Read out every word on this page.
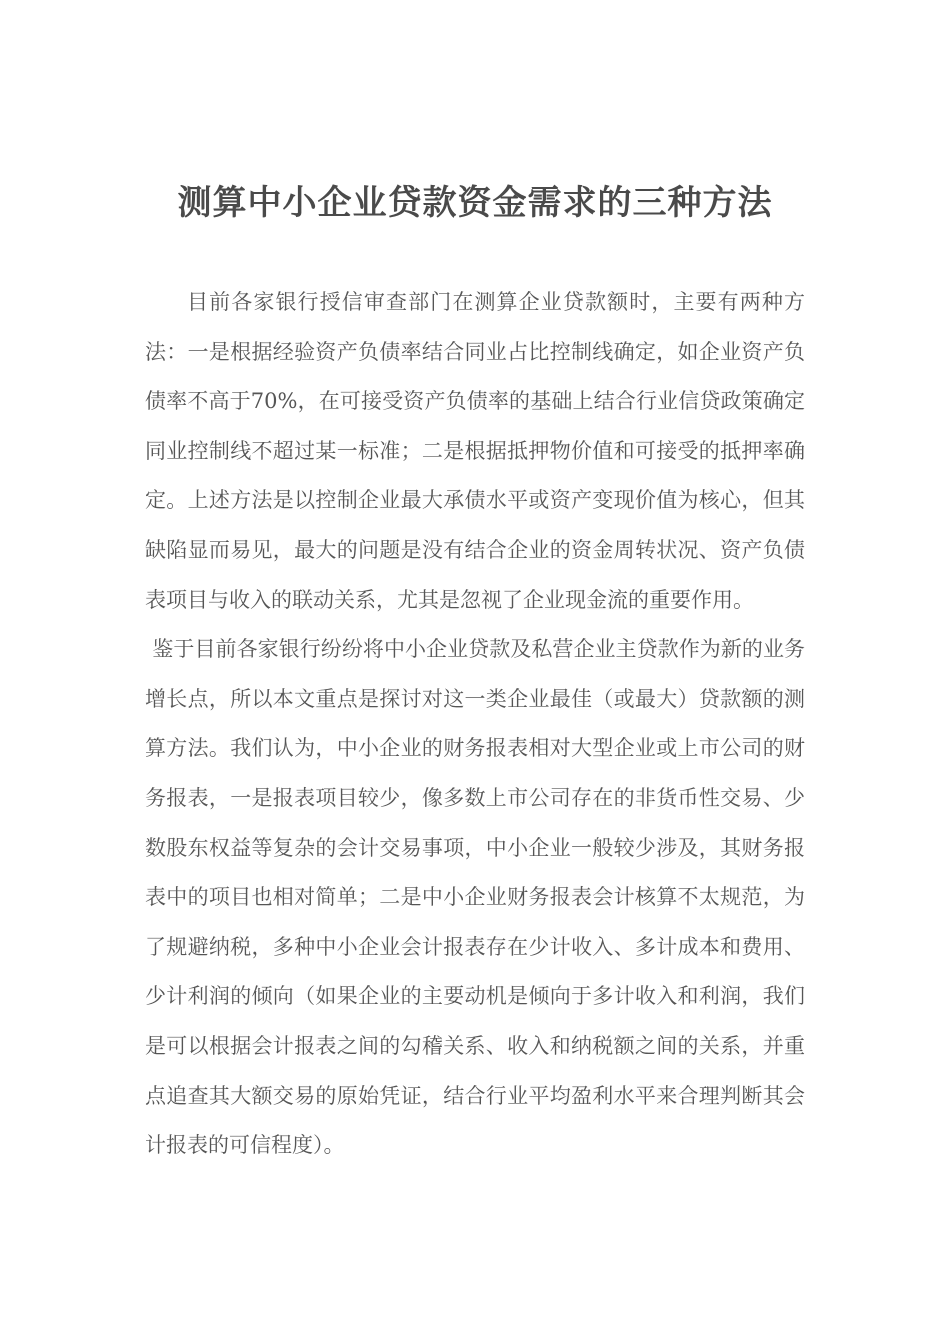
测算中小企业贷款资金需求的三种方法

目前各家银行授信审查部门在测算企业贷款额时，主要有两种方法：一是根据经验资产负债率结合同业占比控制线确定，如企业资产负债率不高于70%，在可接受资产负债率的基础上结合行业信贷政策确定同业控制线不超过某一标准；二是根据抵押物价值和可接受的抵押率确定。上述方法是以控制企业最大承债水平或资产变现价值为核心，但其缺陷显而易见，最大的问题是没有结合企业的资金周转状况、资产负债表项目与收入的联动关系，尤其是忽视了企业现金流的重要作用。

鉴于目前各家银行纷纷将中小企业贷款及私营企业主贷款作为新的业务增长点，所以本文重点是探讨对这一类企业最佳（或最大）贷款额的测算方法。我们认为，中小企业的财务报表相对大型企业或上市公司的财务报表，一是报表项目较少，像多数上市公司存在的非货币性交易、少数股东权益等复杂的会计交易事项，中小企业一般较少涉及，其财务报表中的项目也相对简单；二是中小企业财务报表会计核算不太规范，为了规避纳税，多种中小企业会计报表存在少计收入、多计成本和费用、少计利润的倾向（如果企业的主要动机是倾向于多计收入和利润，我们是可以根据会计报表之间的勾稽关系、收入和纳税额之间的关系，并重点追查其大额交易的原始凭证，结合行业平均盈利水平来合理判断其会计报表的可信程度）。
